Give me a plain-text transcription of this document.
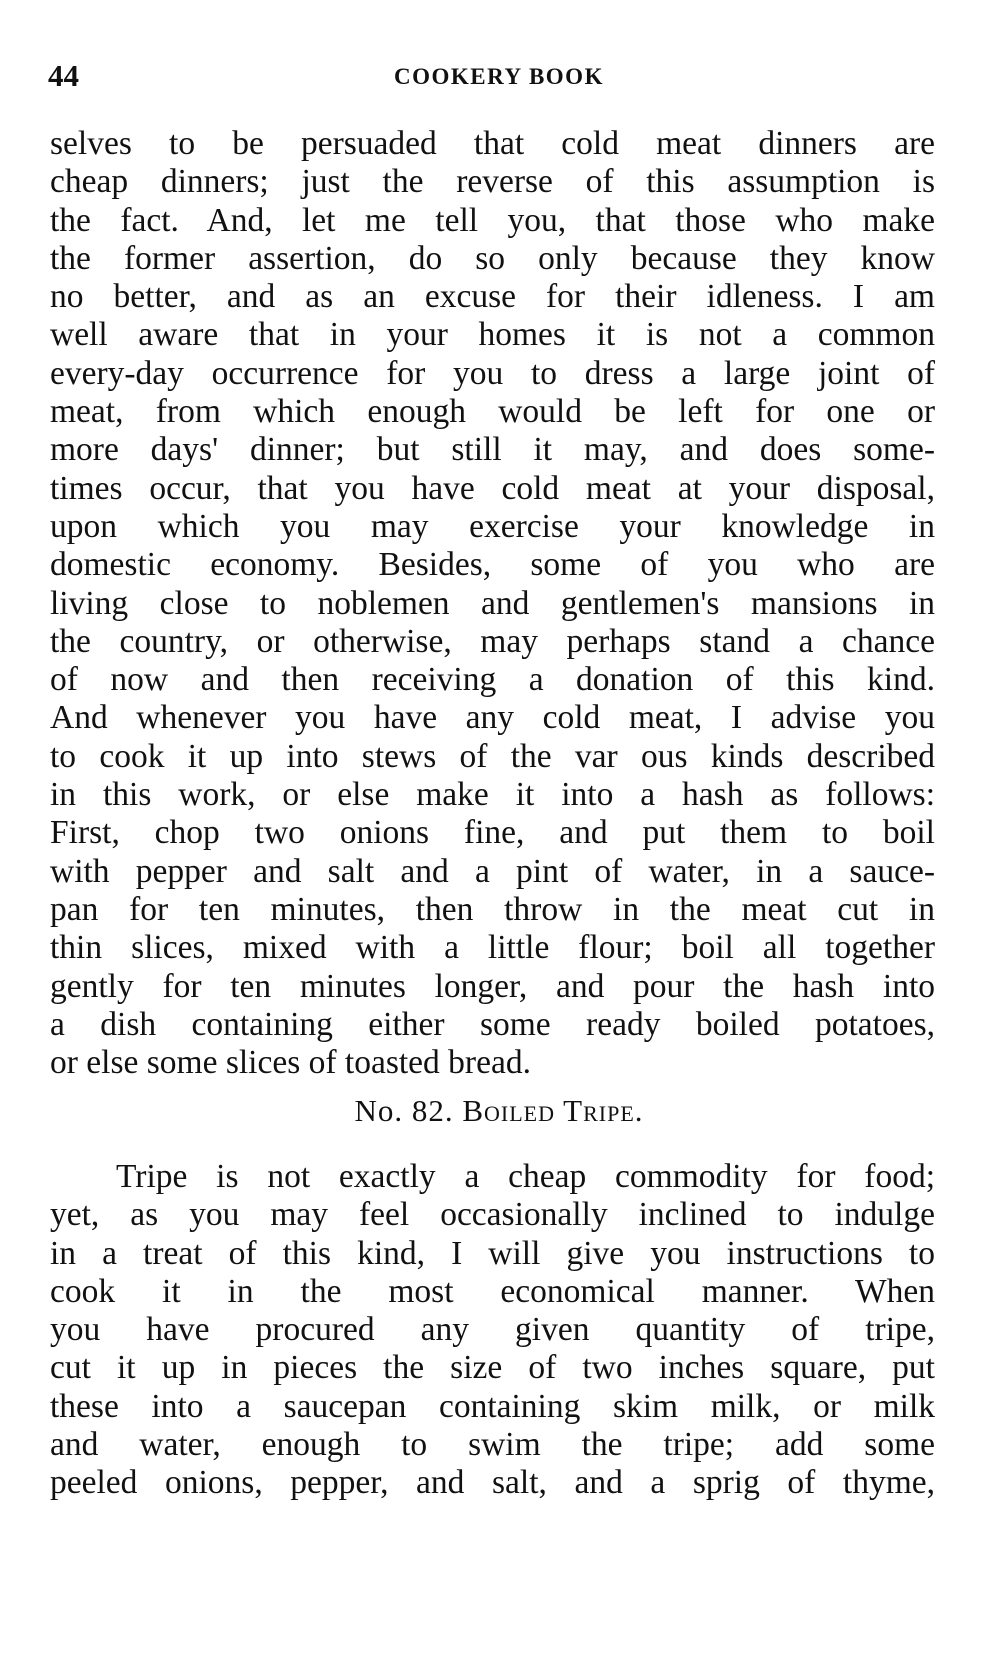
44	COOKERY BOOK
selves to be persuaded that cold meat dinners are
cheap dinners; just the reverse of this assumption is
the fact. And, let me tell you, that those who make
the former assertion, do so only because they know
no better, and as an excuse for their idleness. I am
well aware that in your homes it is not a common
every-day occurrence for you to dress a large joint of
meat, from which enough would be left for one or
more days' dinner; but still it may, and does some-
times occur, that you have cold meat at your disposal,
upon which you may exercise your knowledge in
domestic economy. Besides, some of you who are
living close to noblemen and gentlemen's mansions in
the country, or otherwise, may perhaps stand a chance
of now and then receiving a donation of this kind.
And whenever you have any cold meat, I advise you
to cook it up into stews of the var ous kinds described
in this work, or else make it into a hash as follows:
First, chop two onions fine, and put them to boil
with pepper and salt and a pint of water, in a sauce-
pan for ten minutes, then throw in the meat cut in
thin slices, mixed with a little flour; boil all together
gently for ten minutes longer, and pour the hash into
a dish containing either some ready boiled potatoes,
or else some slices of toasted bread.
No. 82. Boiled Tripe.
Tripe is not exactly a cheap commodity for food;
yet, as you may feel occasionally inclined to indulge
in a treat of this kind, I will give you instructions to
cook it in the most economical manner. When
you have procured any given quantity of tripe,
cut it up in pieces the size of two inches square, put
these into a saucepan containing skim milk, or milk
and water, enough to swim the tripe; add some
peeled onions, pepper, and salt, and a sprig of thyme,
